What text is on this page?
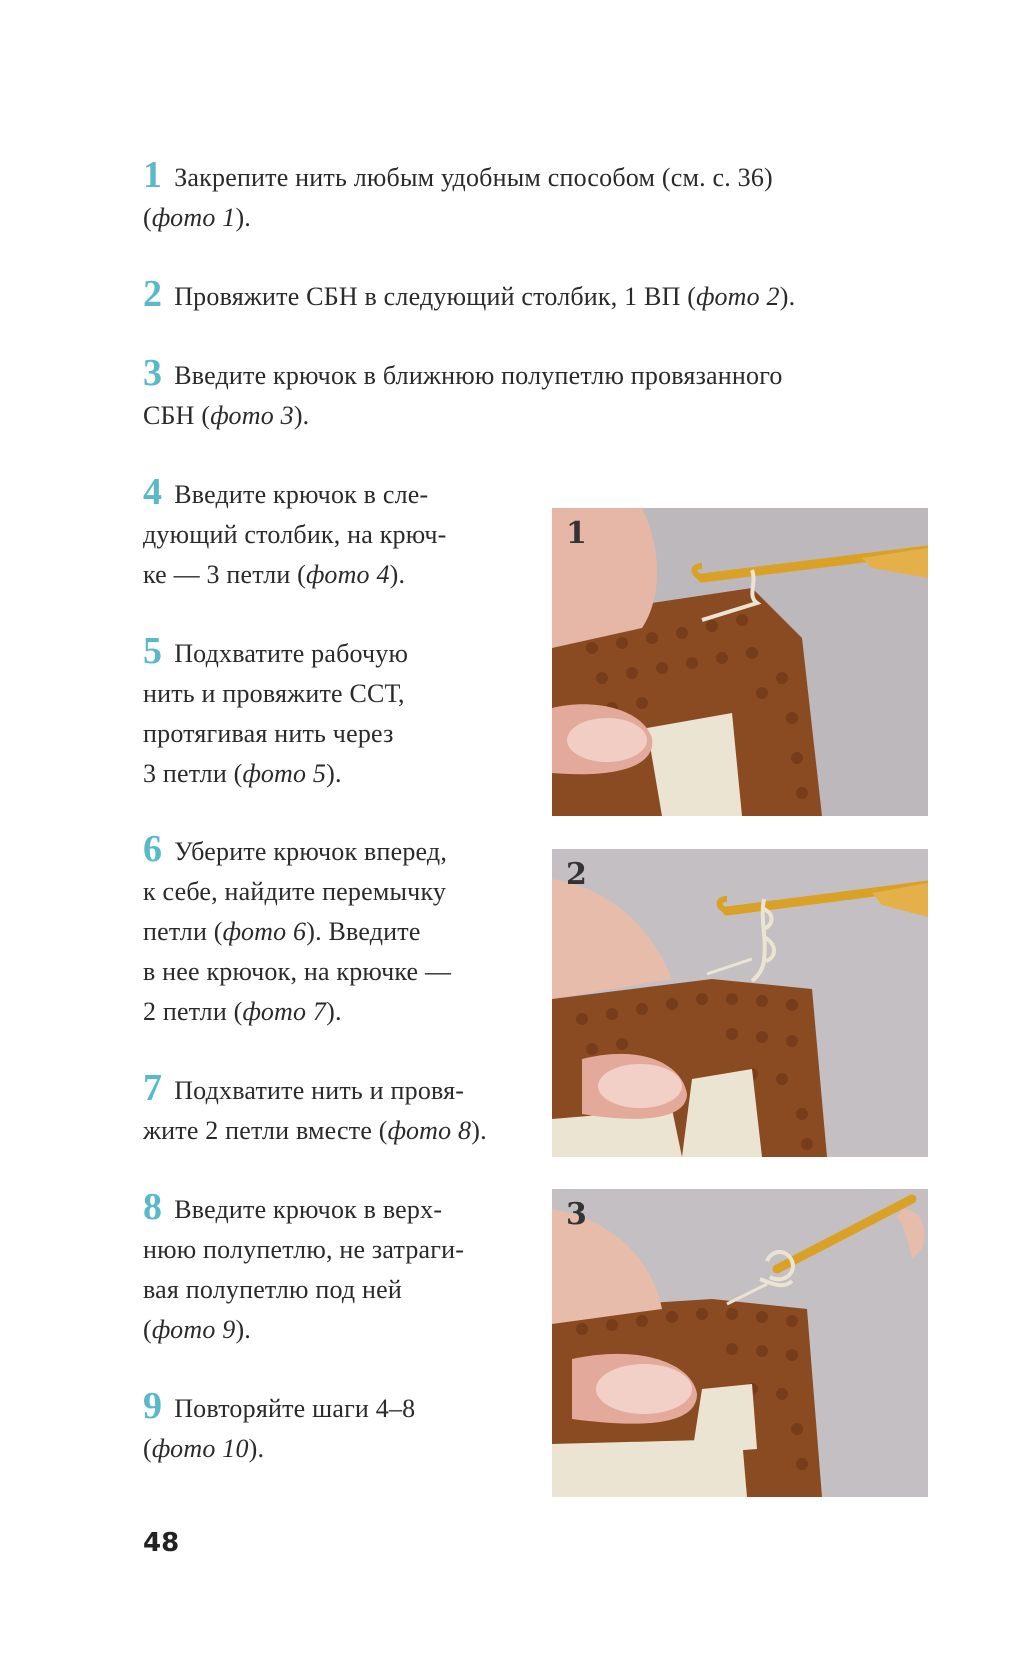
1 Закрепите нить любым удобным способом (см. с. 36)
(фото 1).
2 Провяжите СБН в следующий столбик, 1 ВП (фото 2).
3 Введите крючок в ближнюю полупетлю провязанного
СБН (фото 3).
4 Введите крючок в сле-
дующий столбик, на крюч-
ке — 3 петли (фото 4).
5 Подхватите рабочую
нить и провяжите ССТ,
протягивая нить через
3 петли (фото 5).
6 Уберите крючок вперед,
к себе, найдите перемычку
петли (фото 6). Введите
в нее крючок, на крючке —
2 петли (фото 7).
7 Подхватите нить и провя-
жите 2 петли вместе (фото 8).
8 Введите крючок в верх-
нюю полупетлю, не затраги-
вая полупетлю под ней
(фото 9).
9 Повторяйте шаги 4–8
(фото 10).
1
2
3
48
